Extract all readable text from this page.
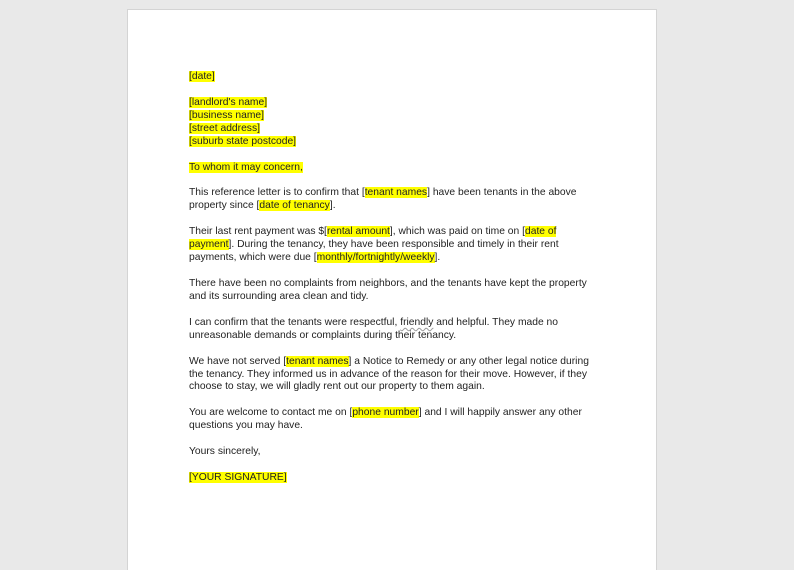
[date]
[landlord's name]
[business name]
[street address]
[suburb state postcode]
To whom it may concern,
This reference letter is to confirm that [tenant names] have been tenants in the above
property since [date of tenancy].
Their last rent payment was $[rental amount], which was paid on time on [date of
payment]. During the tenancy, they have been responsible and timely in their rent
payments, which were due [monthly/fortnightly/weekly].
There have been no complaints from neighbors, and the tenants have kept the property
and its surrounding area clean and tidy.
I can confirm that the tenants were respectful, friendly and helpful. They made no
unreasonable demands or complaints during their tenancy.
We have not served [tenant names] a Notice to Remedy or any other legal notice during
the tenancy. They informed us in advance of the reason for their move. However, if they
choose to stay, we will gladly rent out our property to them again.
You are welcome to contact me on [phone number] and I will happily answer any other
questions you may have.
Yours sincerely,
[YOUR SIGNATURE]
